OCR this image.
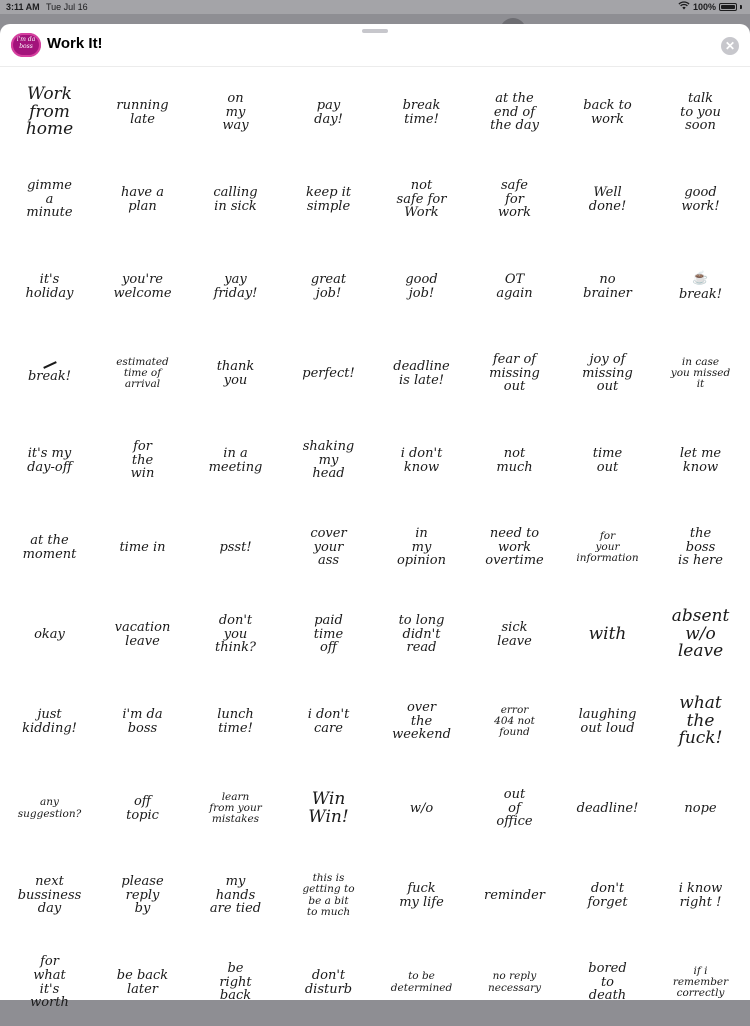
3:11 AM Tue Jul 16	100%
i'm da
boss Work It!	✕
Work
from
home
running
late
on
my
way
pay
day!
break
time!
at the
end of
the day
back to
work
talk
to you
soon
gimme
a
minute
have a
plan
calling
in sick
keep it
simple
not
safe for
Work
safe
for
work
Well
done!
good
work!
it's
holiday
you're
welcome
yay
friday!
great
job!
good
job!
OT
again
no
brainer
☕	break!
break!
estimated
time of
arrival
thank
you	perfect!	deadline
is late!
fear of
missing
out
joy of
missing
out
in case
you missed
it
it's my
day-off
for
the
win
in a
meeting
shaking
my
head
i don't
know
not
much
time
out
let me
know
at the
moment	time in	psst!
cover
your
ass
in
my
opinion
need to
work
overtime
for
your
information
the
boss
is here
okay	vacation
leave
don't
you
think?
paid
time
off
to long
didn't
read
sick
leave	with
absent
w/o
leave
just
kidding!
i'm da
boss
lunch
time!
i don't
care
over
the
weekend
error
404 not
found
laughing
out loud
what
the
fuck!
any
suggestion?
off
topic
learn
from your
mistakes
Win
Win!	w/o
out
of
office
deadline!	nope
next
bussiness
day
please
reply
by
my
hands
are tied
this is
getting to
be a bit
to much
fuck
my life	reminder	don't
forget
i know
right !
for
what
it's
worth
be back
later
be
right
back
don't
disturb
to be
determined
no reply
necessary
bored
to
death
if i
remember
correctly
